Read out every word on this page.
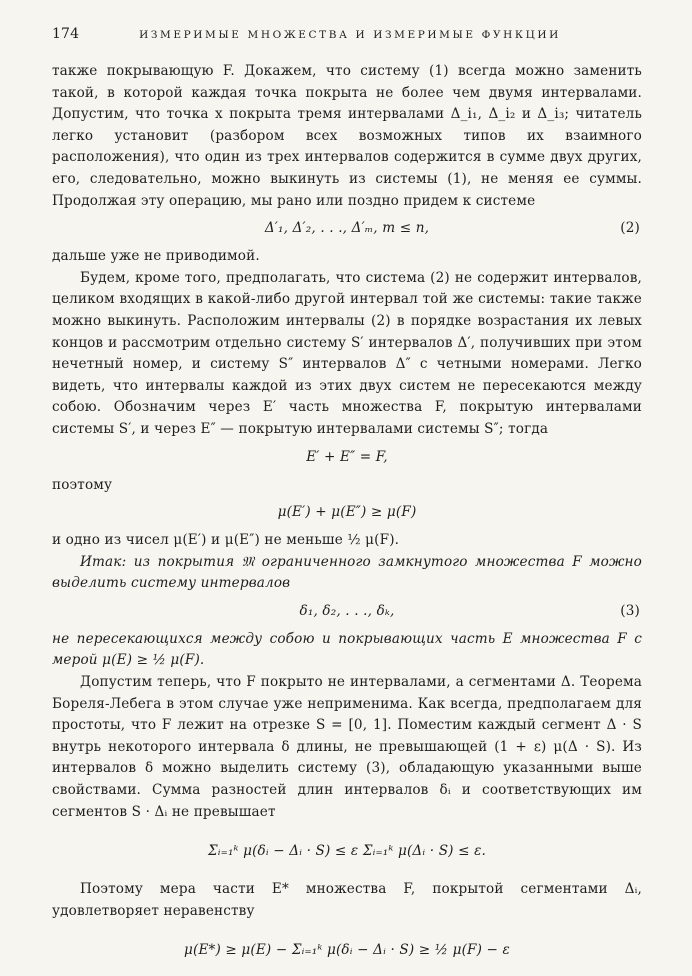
174	ИЗМЕРИМЫЕ МНОЖЕСТВА И ИЗМЕРИМЫЕ ФУНКЦИИ

также покрывающую F. Докажем, что систему (1) всегда можно заменить такой, в которой каждая точка покрыта не более чем двумя интервалами. Допустим, что точка x покрыта тремя интервалами Δ_i₁, Δ_i₂ и Δ_i₃; читатель легко установит (разбором всех возможных типов их взаимного расположения), что один из трех интервалов содержится в сумме двух других, его, следовательно, можно выкинуть из системы (1), не меняя ее суммы. Продолжая эту операцию, мы рано или поздно придем к системе

Δ′₁, Δ′₂, . . ., Δ′ₘ, m ≤ n,	(2)

дальше уже не приводимой.

Будем, кроме того, предполагать, что система (2) не содержит интервалов, целиком входящих в какой-либо другой интервал той же системы: такие также можно выкинуть. Расположим интервалы (2) в порядке возрастания их левых концов и рассмотрим отдельно систему S′ интервалов Δ′, получивших при этом нечетный номер, и систему S″ интервалов Δ″ с четными номерами. Легко видеть, что интервалы каждой из этих двух систем не пересекаются между собою. Обозначим через E′ часть множества F, покрытую интервалами системы S′, и через E″ — покрытую интервалами системы S″; тогда

E′ + E″ = F,

поэтому

μ(E′) + μ(E″) ≥ μ(F)

и одно из чисел μ(E′) и μ(E″) не меньше ½ μ(F).

Итак: из покрытия 𝔐 ограниченного замкнутого множества F можно выделить систему интервалов

δ₁, δ₂, . . ., δₖ,	(3)

не пересекающихся между собою и покрывающих часть E множества F с мерой μ(E) ≥ ½ μ(F).

Допустим теперь, что F покрыто не интервалами, а сегментами Δ. Теорема Бореля-Лебега в этом случае уже неприменима. Как всегда, предполагаем для простоты, что F лежит на отрезке S = [0, 1]. Поместим каждый сегмент Δ · S внутрь некоторого интервала δ длины, не превышающей (1 + ε) μ(Δ · S). Из интервалов δ можно выделить систему (3), обладающую указанными выше свойствами. Сумма разностей длин интервалов δᵢ и соответствующих им сегментов S · Δᵢ не превышает

Σᵢ₌₁ᵏ μ(δᵢ − Δᵢ · S) ≤ ε Σᵢ₌₁ᵏ μ(Δᵢ · S) ≤ ε.

Поэтому мера части E* множества F, покрытой сегментами Δᵢ, удовлетворяет неравенству

μ(E*) ≥ μ(E) − Σᵢ₌₁ᵏ μ(δᵢ − Δᵢ · S) ≥ ½ μ(F) − ε
